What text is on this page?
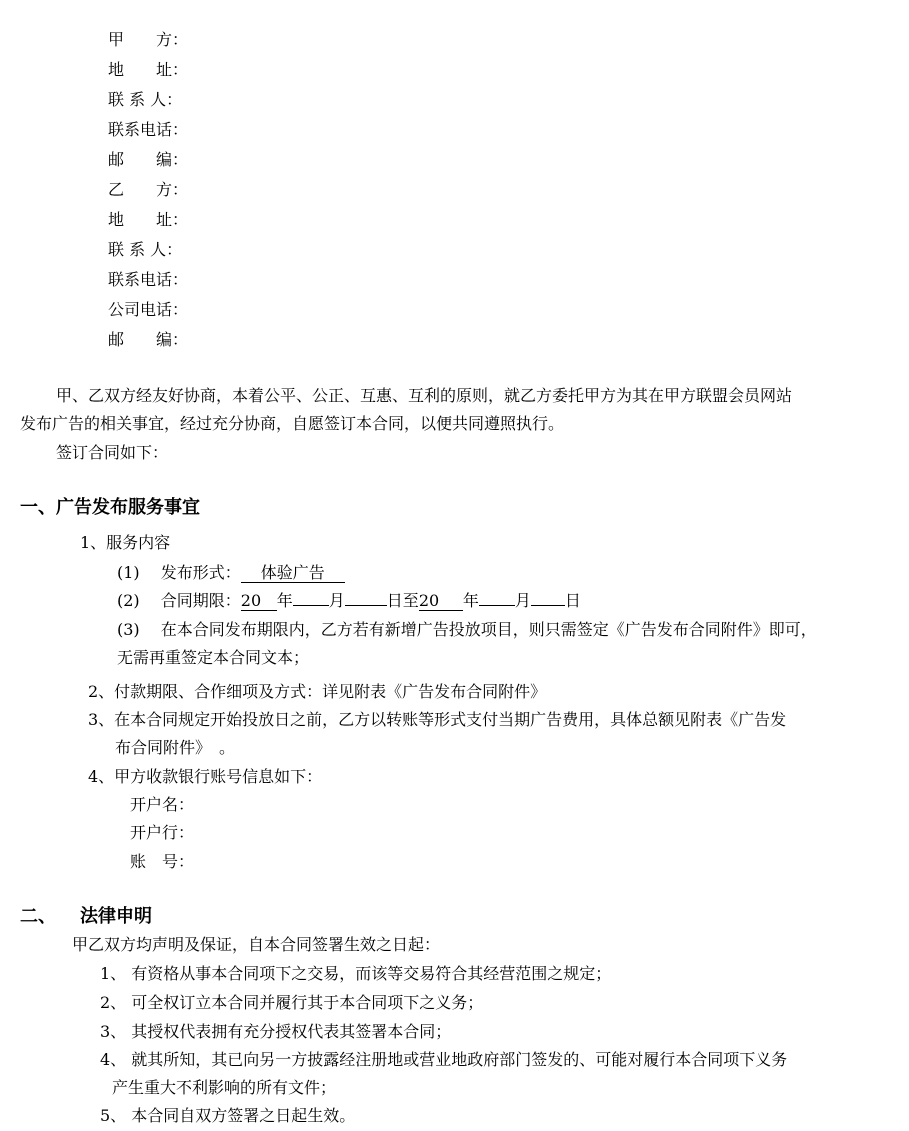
甲　　方：
地　　址：
联 系 人：
联系电话：
邮　　编：
乙　　方：
地　　址：
联 系 人：
联系电话：
公司电话：
邮　　编：
甲、乙双方经友好协商，本着公平、公正、互惠、互利的原则，就乙方委托甲方为其在甲方联盟会员网站
发布广告的相关事宜，经过充分协商，自愿签订本合同，以便共同遵照执行。
签订合同如下：
一、广告发布服务事宜
1、服务内容
(1)　 发布形式： 体验广告
(2)　 合同期限：20 年 月	日至20 年 月 日
(3)　 在本合同发布期限内，乙方若有新增广告投放项目，则只需签定《广告发布合同附件》即可，
无需再重签定本合同文本；
2、付款期限、合作细项及方式：详见附表《广告发布合同附件》
3、在本合同规定开始投放日之前，乙方以转账等形式支付当期广告费用，具体总额见附表《广告发
布合同附件》　。
4、甲方收款银行账号信息如下：
开户名：
开户行：
账　号：
二、 法律申明
甲乙双方均声明及保证，自本合同签署生效之日起：
1、 有资格从事本合同项下之交易，而该等交易符合其经营范围之规定；
2、 可全权订立本合同并履行其于本合同项下之义务；
3、 其授权代表拥有充分授权代表其签署本合同；
4、 就其所知，其已向另一方披露经注册地或营业地政府部门签发的、可能对履行本合同项下义务
产生重大不利影响的所有文件；
5、 本合同自双方签署之日起生效。
